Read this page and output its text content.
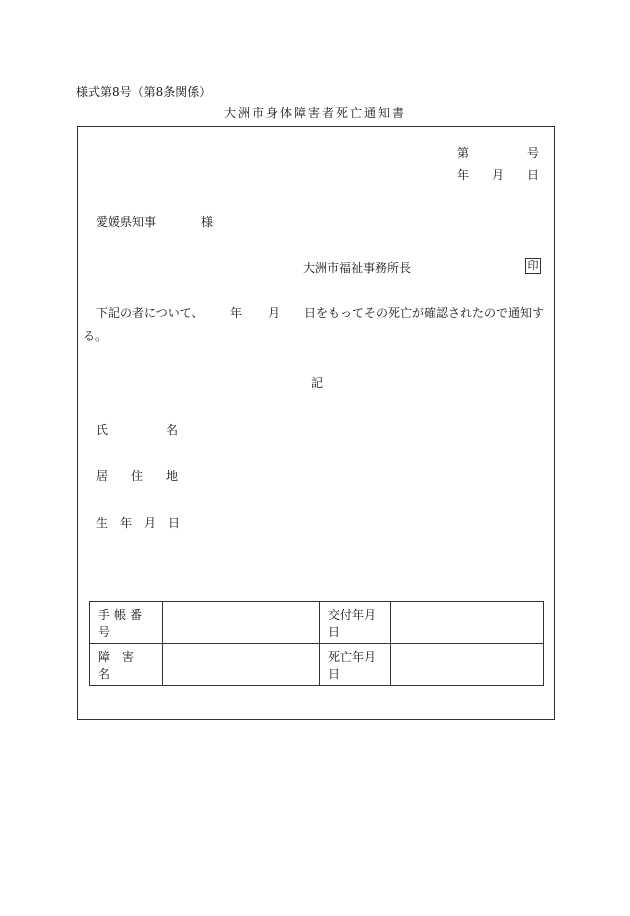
様式第8号（第8条関係）
大洲市身体障害者死亡通知書
第	号
年 月 日
愛媛県知事	様
大洲市福祉事務所長	印
下記の者について、 年 月 日をもってその死亡が確認されたので通知す
る。
記
氏	名
居 住 地
生　年　月　日
手帳番号		交付年月日	
障 害 名		死亡年月日	
